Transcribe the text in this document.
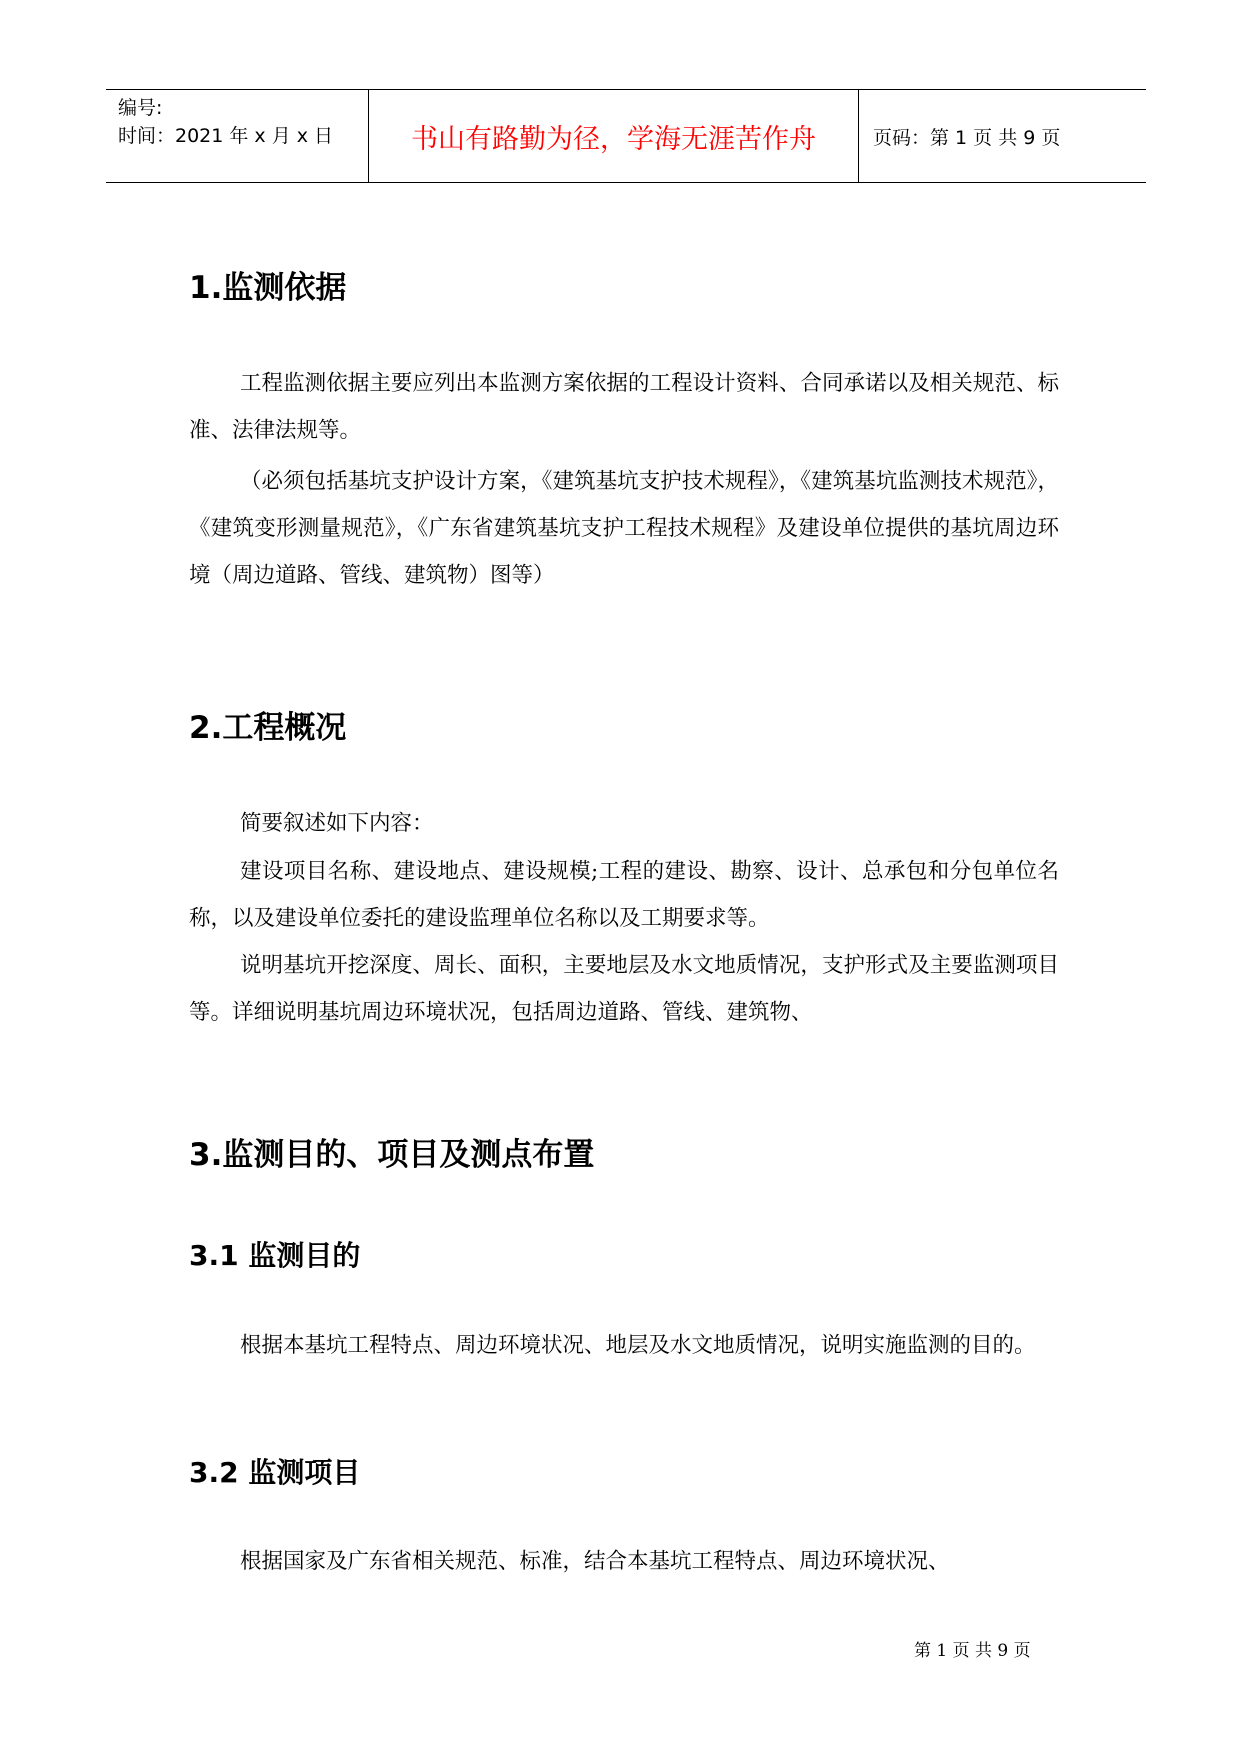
编号:
时间：2021 年 x 月 x 日	书山有路勤为径，学海无涯苦作舟	页码：第 1 页 共 9 页
1.监测依据

工程监测依据主要应列出本监测方案依据的工程设计资料、合同承诺以及相关规范、标准、法律法规等。

（必须包括基坑支护设计方案，《建筑基坑支护技术规程》，《建筑基坑监测技术规范》，《建筑变形测量规范》，《广东省建筑基坑支护工程技术规程》及建设单位提供的基坑周边环境（周边道路、管线、建筑物）图等）

2.工程概况

简要叙述如下内容：

建设项目名称、建设地点、建设规模;工程的建设、勘察、设计、总承包和分包单位名称，以及建设单位委托的建设监理单位名称以及工期要求等。

说明基坑开挖深度、周长、面积，主要地层及水文地质情况，支护形式及主要监测项目等。详细说明基坑周边环境状况，包括周边道路、管线、建筑物、

3.监测目的、项目及测点布置
3.1 监测目的

根据本基坑工程特点、周边环境状况、地层及水文地质情况，说明实施监测的目的。

3.2 监测项目

根据国家及广东省相关规范、标准，结合本基坑工程特点、周边环境状况、

第 1 页 共 9 页
